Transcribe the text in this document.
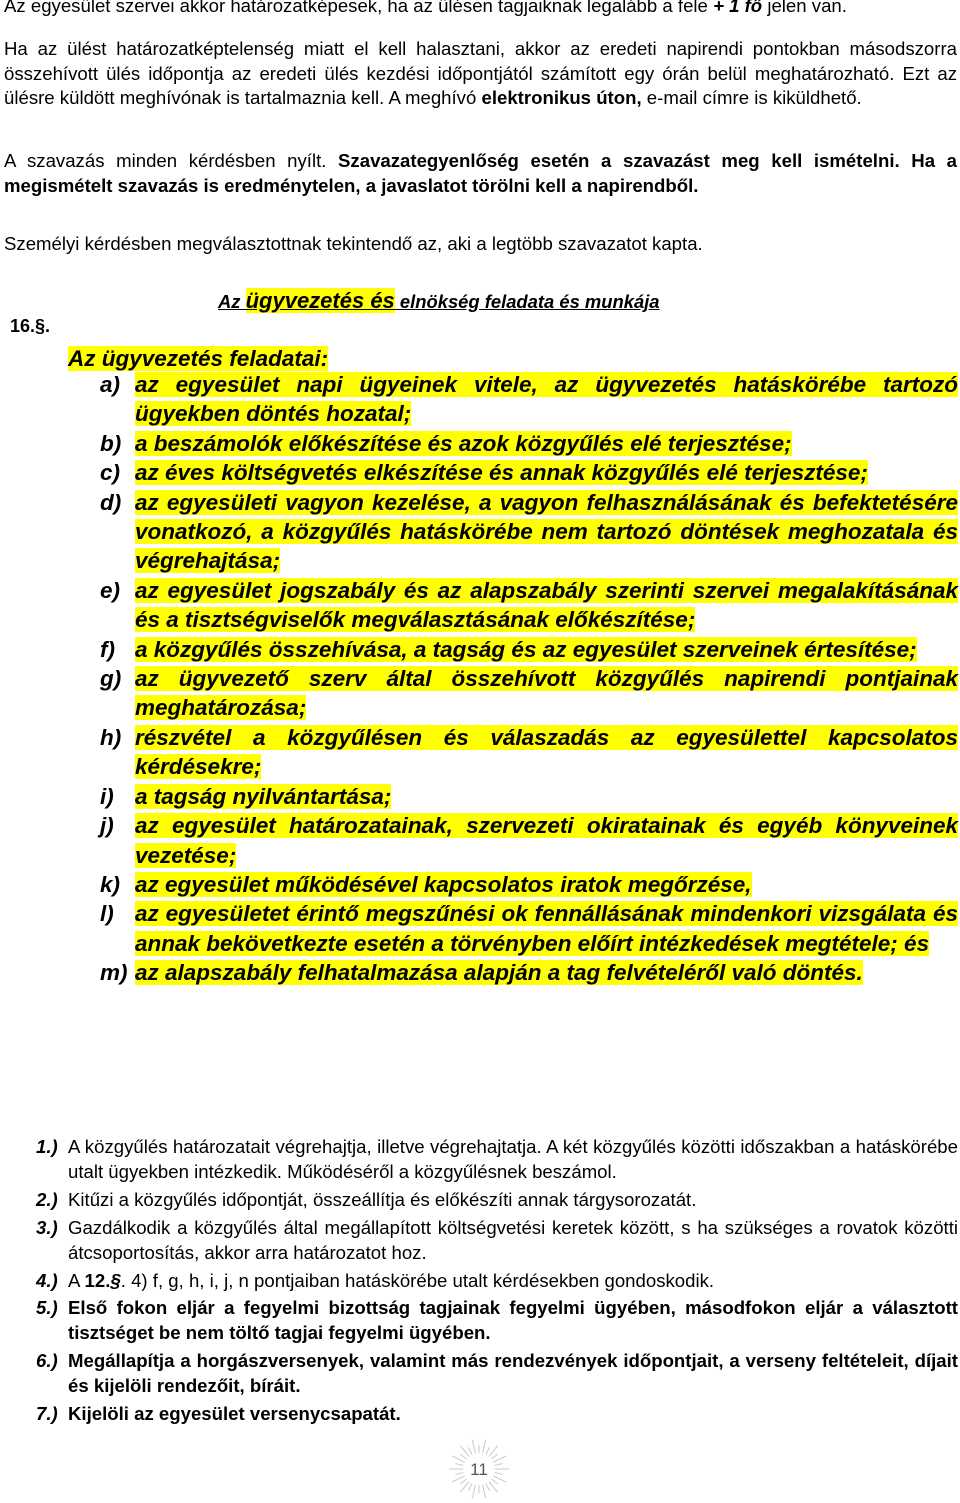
Az egyesület szervei akkor határozatképesek, ha az ülésen tagjaiknak legalább a fele + 1 fő jelen van.

Ha az ülést határozatképtelenség miatt el kell halasztani, akkor az eredeti napirendi pontokban másodszorra összehívott ülés időpontja az eredeti ülés kezdési időpontjától számított egy órán belül meghatározható. Ezt az ülésre küldött meghívónak is tartalmaznia kell. A meghívó elektronikus úton, e-mail címre is kiküldhető.

A szavazás minden kérdésben nyílt. Szavazategyenlőség esetén a szavazást meg kell ismételni. Ha a megismételt szavazás is eredménytelen, a javaslatot törölni kell a napirendből.

Személyi kérdésben megválasztottnak tekintendő az, aki a legtöbb szavazatot kapta.

Az ügyvezetés és elnökség feladata és munkája
16.§.
Az ügyvezetés feladatai:
a) az egyesület napi ügyeinek vitele, az ügyvezetés hatáskörébe tartozó ügyekben döntés hozatal;
b) a beszámolók előkészítése és azok közgyűlés elé terjesztése;
c) az éves költségvetés elkészítése és annak közgyűlés elé terjesztése;
d) az egyesületi vagyon kezelése, a vagyon felhasználásának és befektetésére vonatkozó, a közgyűlés hatáskörébe nem tartozó döntések meghozatala és végrehajtása;
e) az egyesület jogszabály és az alapszabály szerinti szervei megalakításának és a tisztségviselők megválasztásának előkészítése;
f) a közgyűlés összehívása, a tagság és az egyesület szerveinek értesítése;
g) az ügyvezető szerv által összehívott közgyűlés napirendi pontjainak meghatározása;
h) részvétel a közgyűlésen és válaszadás az egyesülettel kapcsolatos kérdésekre;
i) a tagság nyilvántartása;
j) az egyesület határozatainak, szervezeti okiratainak és egyéb könyveinek vezetése;
k) az egyesület működésével kapcsolatos iratok megőrzése,
l) az egyesületet érintő megszűnési ok fennállásának mindenkori vizsgálata és annak bekövetkezte esetén a törvényben előírt intézkedések megtétele; és
m) az alapszabály felhatalmazása alapján a tag felvételéről való döntés.
1.) A közgyűlés határozatait végrehajtja, illetve végrehajtatja. A két közgyűlés közötti időszakban a hatáskörébe utalt ügyekben intézkedik. Működéséről a közgyűlésnek beszámol.
2.) Kitűzi a közgyűlés időpontját, összeállítja és előkészíti annak tárgysorozatát.
3.) Gazdálkodik a közgyűlés által megállapított költségvetési keretek között, s ha szükséges a rovatok közötti átcsoportosítás, akkor arra határozatot hoz.
4.) A 12.§. 4) f, g, h, i, j, n pontjaiban hatáskörébe utalt kérdésekben gondoskodik.
5.) Első fokon eljár a fegyelmi bizottság tagjainak fegyelmi ügyében, másodfokon eljár a választott tisztséget be nem töltő tagjai fegyelmi ügyében.
6.) Megállapítja a horgászversenyek, valamint más rendezvények időpontjait, a verseny feltételeit, díjait és kijelöli rendezőit, bíráit.
7.) Kijelöli az egyesület versenycsapatát.
11
